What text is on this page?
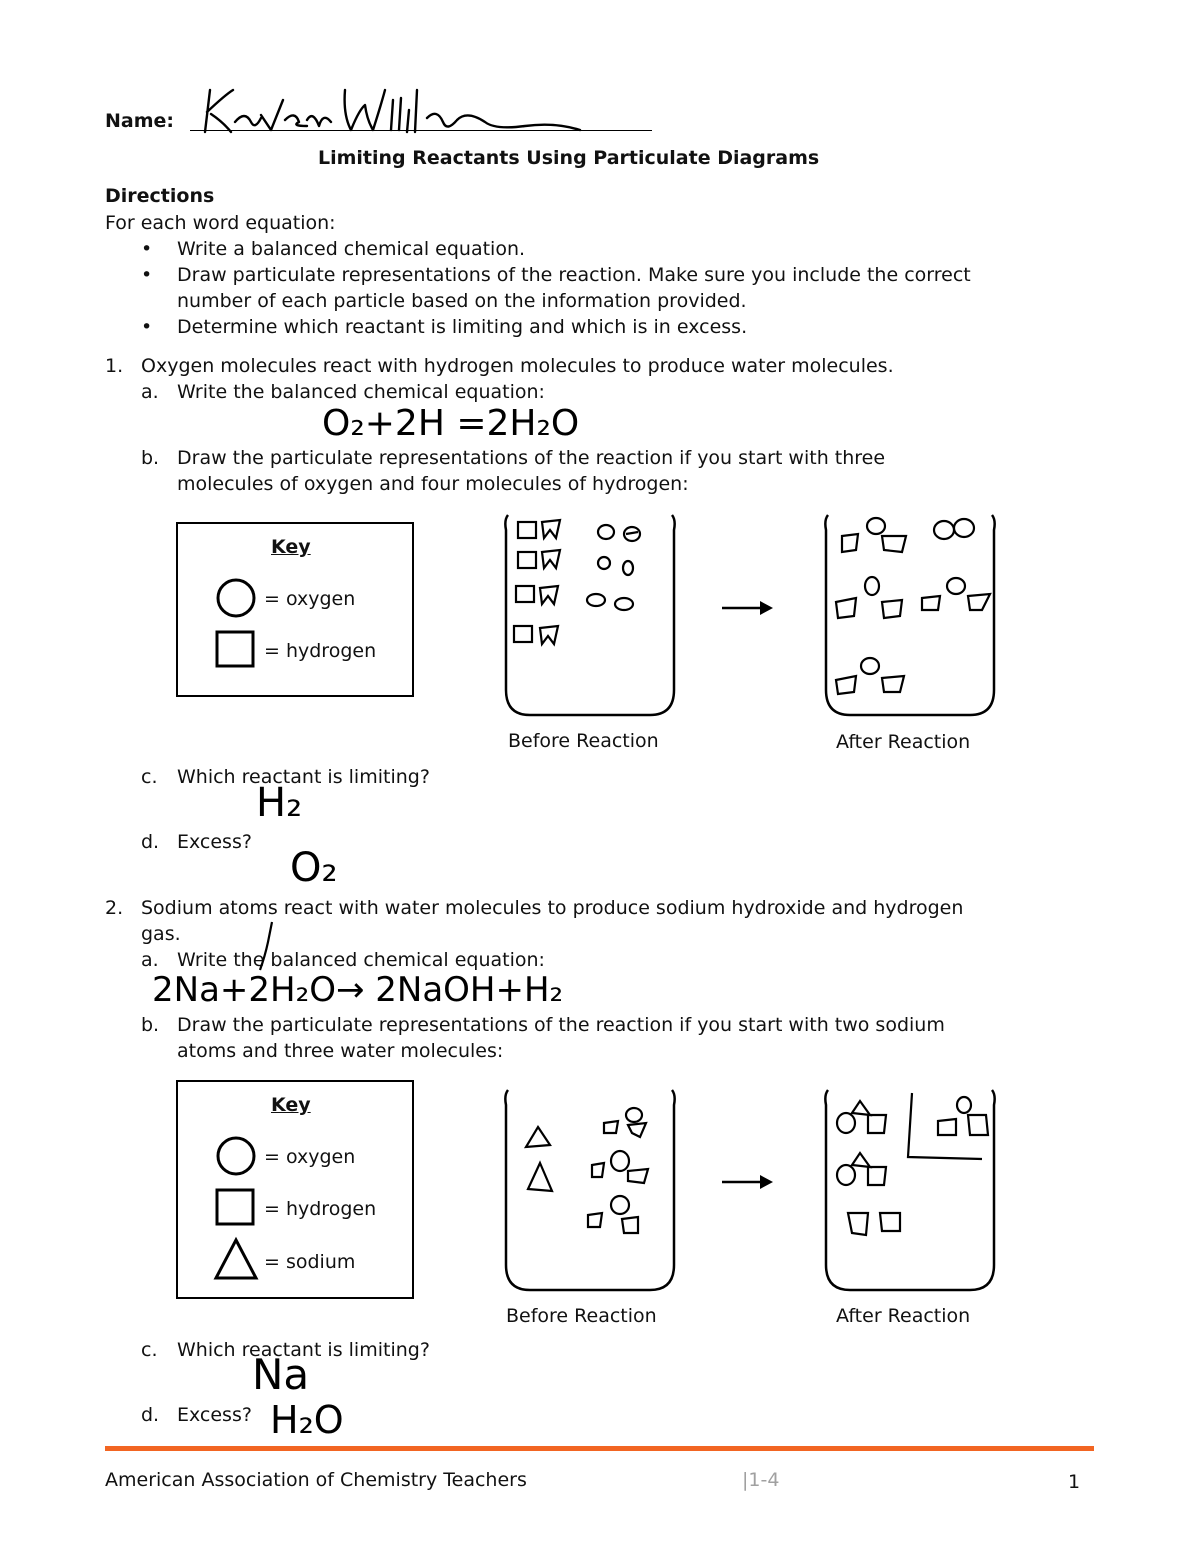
Name:
Limiting Reactants Using Particulate Diagrams
Directions
For each word equation:
• Write a balanced chemical equation.
• Draw particulate representations of the reaction. Make sure you include the correct
number of each particle based on the information provided.
• Determine which reactant is limiting and which is in excess.
1. Oxygen molecules react with hydrogen molecules to produce water molecules.
a. Write the balanced chemical equation:
O₂+2H =2H₂O
b. Draw the particulate representations of the reaction if you start with three
molecules of oxygen and four molecules of hydrogen:
Key
= oxygen
= hydrogen
Before Reaction	After Reaction
c. Which reactant is limiting?
H₂
d. Excess?
O₂
2. Sodium atoms react with water molecules to produce sodium hydroxide and hydrogen
gas.
a. Write the balanced chemical equation:
2Na+2H₂O→ 2NaOH+H₂
b. Draw the particulate representations of the reaction if you start with two sodium
atoms and three water molecules:
Key
= oxygen
= hydrogen
= sodium
Before Reaction	After Reaction
c. Which reactant is limiting?
Na
d. Excess? H₂O
American Association of Chemistry Teachers	|1-4	1
